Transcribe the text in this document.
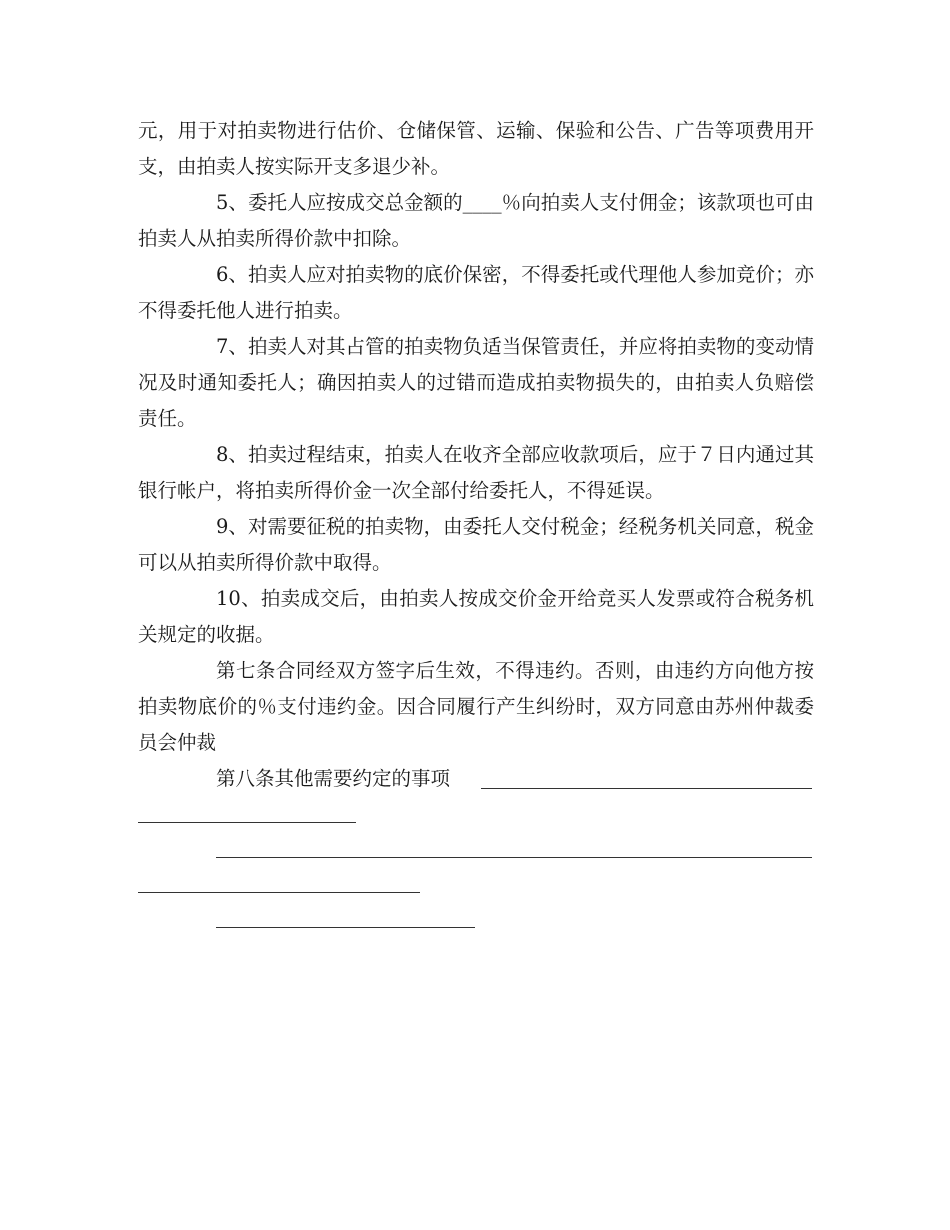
元，用于对拍卖物进行估价、仓储保管、运输、保验和公告、广告等项费用开支，由拍卖人按实际开支多退少补。

5、委托人应按成交总金额的____％向拍卖人支付佣金；该款项也可由拍卖人从拍卖所得价款中扣除。

6、拍卖人应对拍卖物的底价保密，不得委托或代理他人参加竞价；亦不得委托他人进行拍卖。

7、拍卖人对其占管的拍卖物负适当保管责任，并应将拍卖物的变动情况及时通知委托人；确因拍卖人的过错而造成拍卖物损失的，由拍卖人负赔偿责任。

8、拍卖过程结束，拍卖人在收齐全部应收款项后，应于７日内通过其银行帐户，将拍卖所得价金一次全部付给委托人，不得延误。

9、对需要征税的拍卖物，由委托人交付税金；经税务机关同意，税金可以从拍卖所得价款中取得。

10、拍卖成交后，由拍卖人按成交价金开给竞买人发票或符合税务机关规定的收据。

第七条合同经双方签字后生效，不得违约。否则，由违约方向他方按拍卖物底价的％支付违约金。因合同履行产生纠纷时，双方同意由苏州仲裁委员会仲裁

第八条其他需要约定的事项
